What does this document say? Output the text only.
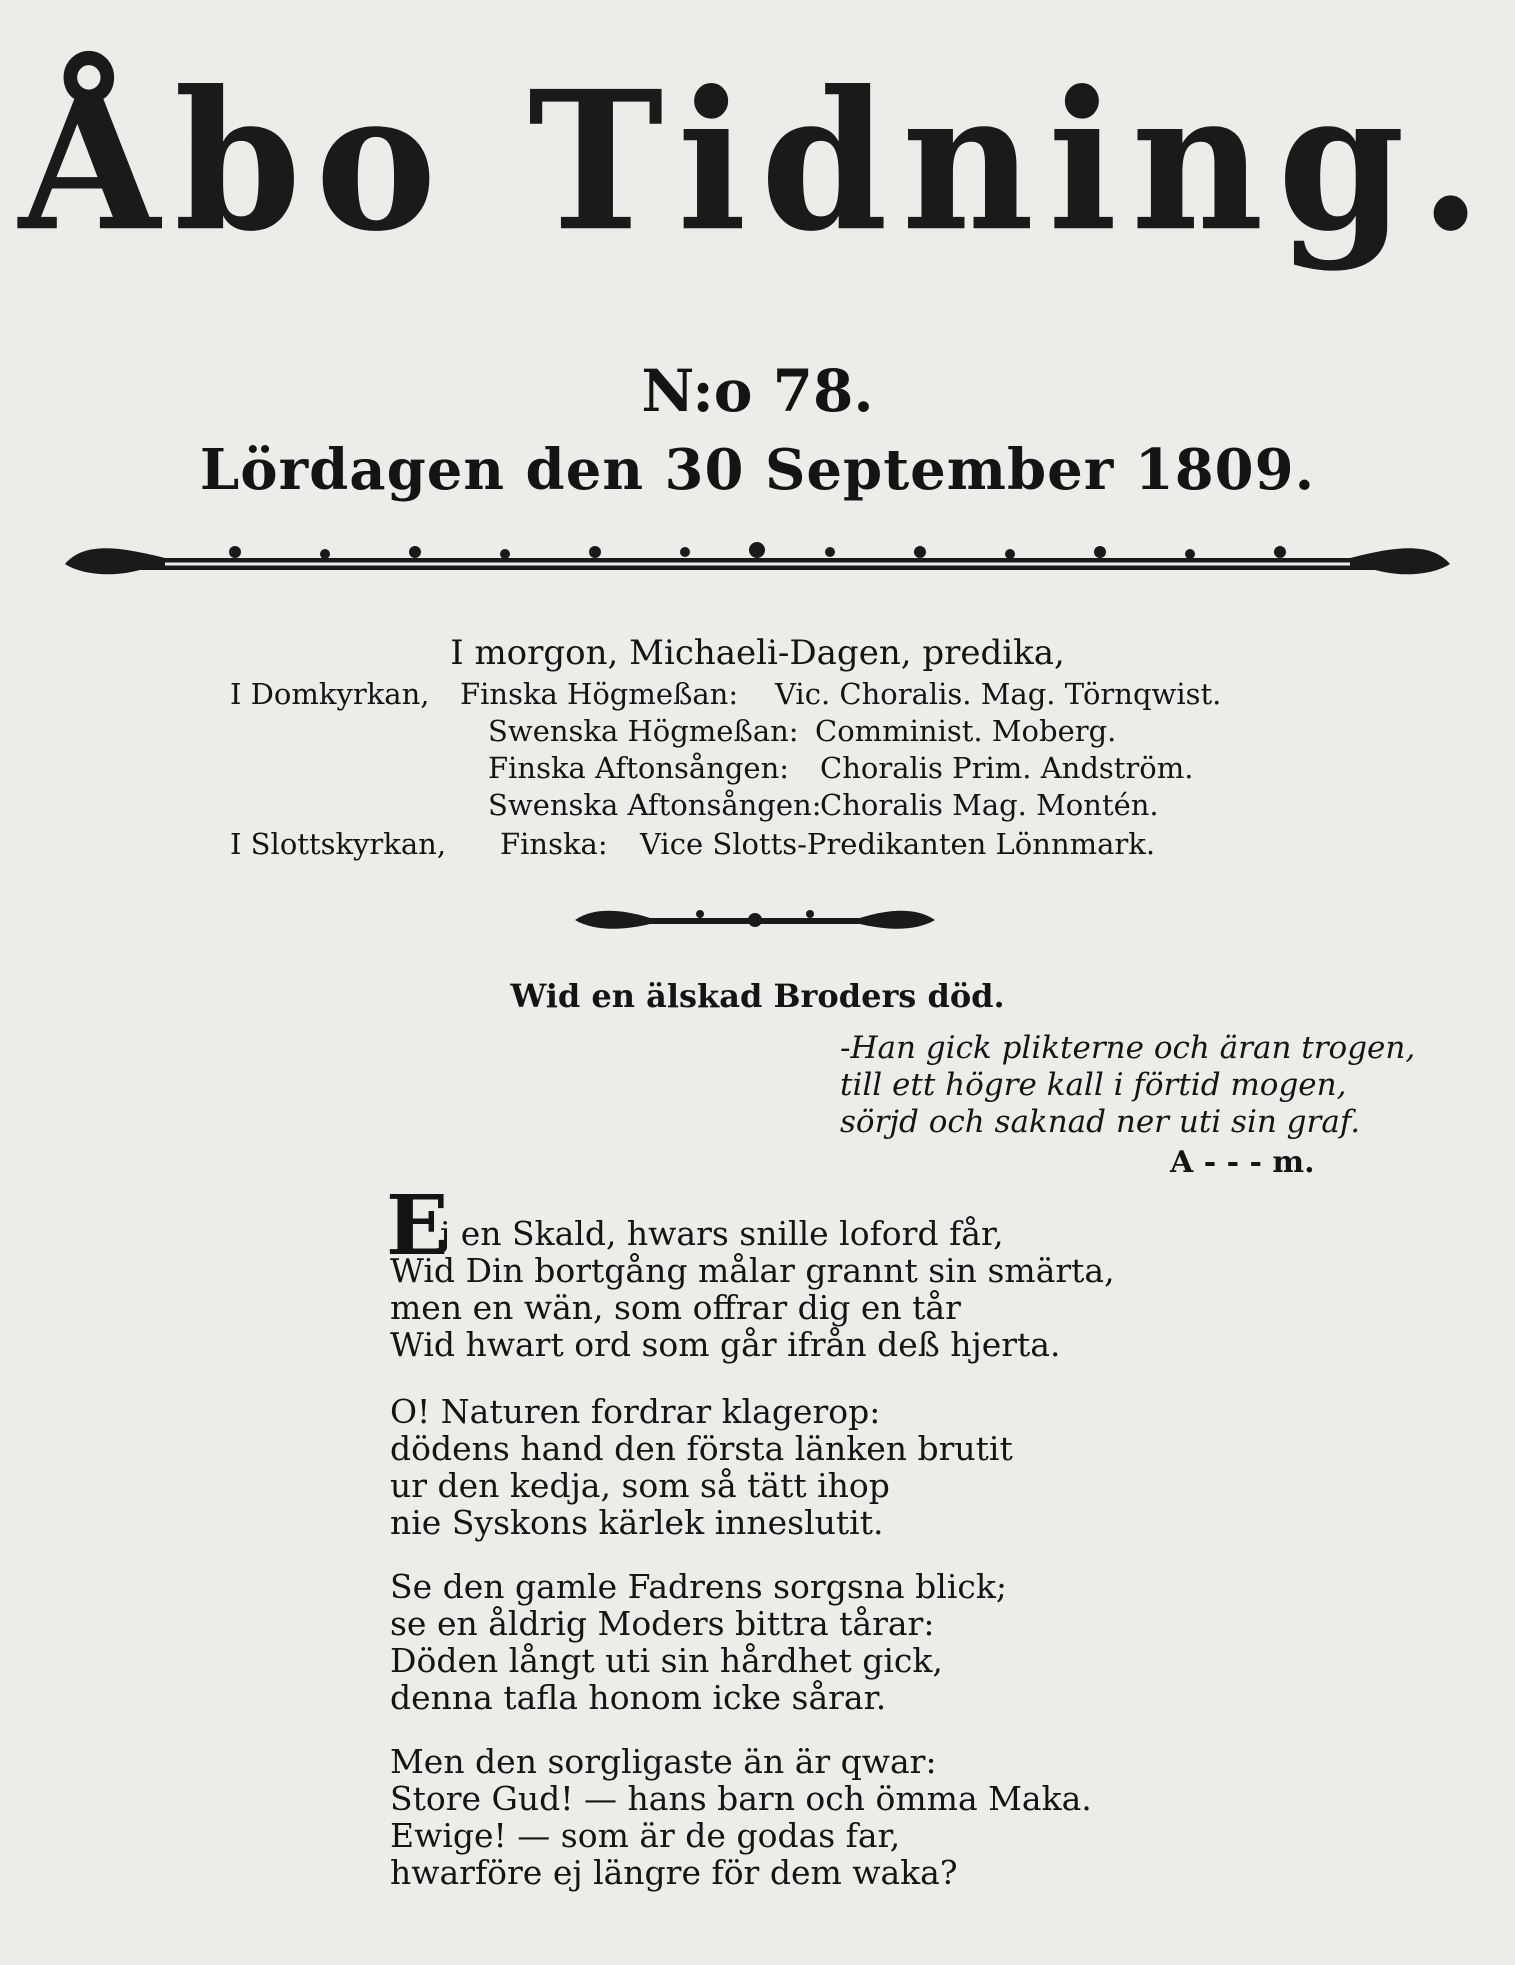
Åbo Tidning.
N:o 78.
Lördagen den 30 September 1809.
I morgon, Michaeli-Dagen, predika,
I Domkyrkan, Finska Högmeßan: Vic. Choralis. Mag. Törnqwist.
Swenska Högmeßan: Comminist. Moberg.
Finska Aftonsången: Choralis Prim. Andström.
Swenska Aftonsången:
Choralis Mag. Montén.
I Slottskyrkan, Finska: Vice Slotts-Predikanten Lönnmark.
Wid en älskad Broders död.
-Han gick plikterne och äran trogen,
till ett högre kall i förtid mogen,
sörjd och saknad ner uti sin graf.
A - - - m.
E
j en Skald, hwars snille loford får,
Wid Din bortgång målar grannt sin smärta,
men en wän, som offrar dig en tår
Wid hwart ord som går ifrån deß hjerta.
O! Naturen fordrar klagerop:
dödens hand den första länken brutit
ur den kedja, som så tätt ihop
nie Syskons kärlek inneslutit.
Se den gamle Fadrens sorgsna blick;
se en åldrig Moders bittra tårar:
Döden långt uti sin hårdhet gick,
denna tafla honom icke sårar.
Men den sorgligaste än är qwar:
Store Gud! — hans barn och ömma Maka.
Ewige! — som är de godas far,
hwarföre ej längre för dem waka?
